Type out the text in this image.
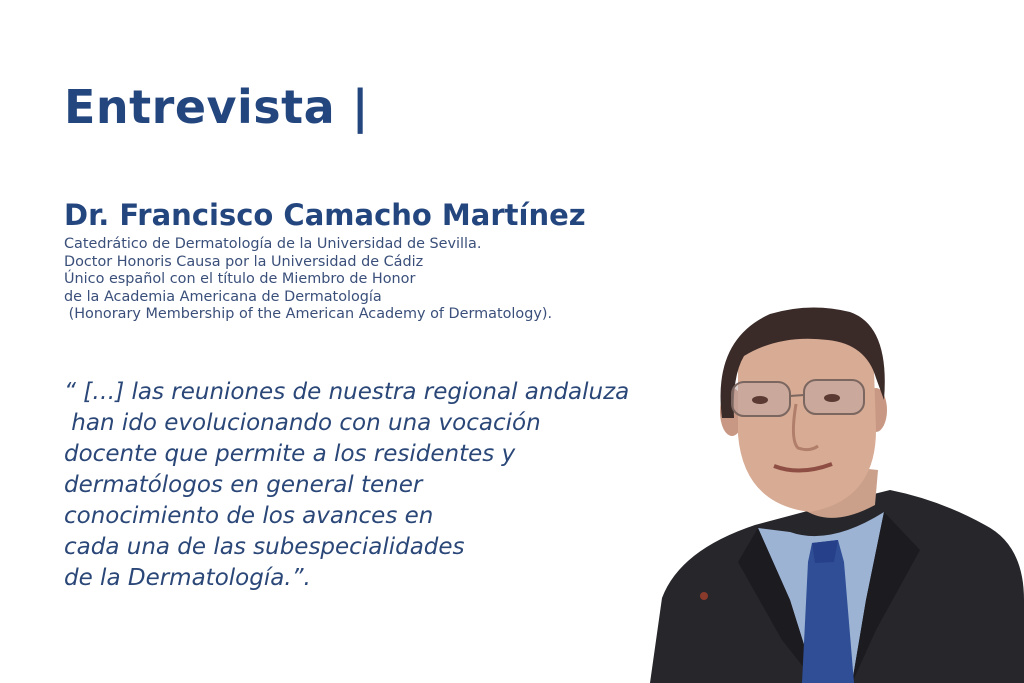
Entrevista |
Dr. Francisco Camacho Martínez
Catedrático de Dermatología de la Universidad de Sevilla.
Doctor Honoris Causa por la Universidad de Cádiz
Único español con el título de Miembro de Honor
de la Academia Americana de Dermatología
(Honorary Membership of the American Academy of Dermatology).
“ […] las reuniones de nuestra regional andaluza
han ido evolucionando con una vocación
docente que permite a los residentes y
dermatólogos en general tener
conocimiento de los avances en
cada una de las subespecialidades
de la Dermatología.”.
